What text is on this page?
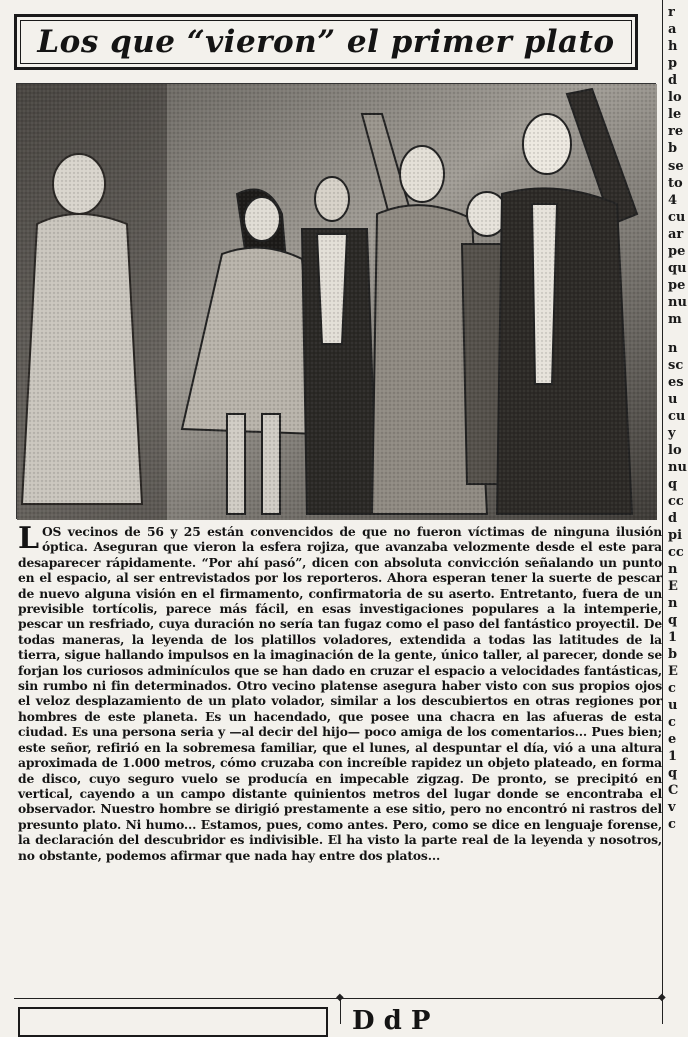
◆	◆
Los que “vieron” el primer plato
LOS vecinos de 56 y 25 están convencidos de que no fueron víctimas de ninguna ilusión óptica. Aseguran que vieron la esfera rojiza, que avanzaba velozmente desde el este para desaparecer rápidamente. “Por ahí pasó”, dicen con absoluta convicción señalando un punto en el espacio, al ser entrevistados por los reporteros. Ahora esperan tener la suerte de pescar de nuevo alguna visión en el firmamento, confirmatoria de su aserto. Entretanto, fuera de un previsible tortícolis, parece más fácil, en esas investigaciones populares a la intemperie, pescar un resfriado, cuya duración no sería tan fugaz como el paso del fantástico proyectil. De todas maneras, la leyenda de los platillos voladores, extendida a todas las latitudes de la tierra, sigue hallando impulsos en la imaginación de la gente, único taller, al parecer, donde se forjan los curiosos adminículos que se han dado en cruzar el espacio a velocidades fantásticas, sin rumbo ni fin determinados. Otro vecino platense asegura haber visto con sus propios ojos el veloz desplazamiento de un plato volador, similar a los descubiertos en otras regiones por hombres de este planeta. Es un hacendado, que posee una chacra en las afueras de esta ciudad. Es una persona seria y —al decir del hijo— poco amiga de los comentarios... Pues bien; este señor, refirió en la sobremesa familiar, que el lunes, al despuntar el día, vió a una altura aproximada de 1.000 metros, cómo cruzaba con increíble rapidez un objeto plateado, en forma de disco, cuyo seguro vuelo se producía en impecable zigzag. De pronto, se precipitó en vertical, cayendo a un campo distante quinientos metros del lugar donde se encontraba el observador. Nuestro hombre se dirigió prestamente a ese sitio, pero no encontró ni rastros del presunto plato. Ni humo... Estamos, pues, como antes. Pero, como se dice en lenguaje forense, la declaración del descubridor es indivisible. El ha visto la parte real de la leyenda y nosotros, no obstante, podemos afirmar que nada hay entre dos platos...
r
a
h
p
d
lo
le
re
b
se
to
4
cu
ar
pe
qu
pe
nu
m
n
sc
es
u
cu
y
lo
nu
q
cc
d
pi
cc
n
E
n
q
1
b
E
c
u
c
e
1
q
C
v
c
D d P
